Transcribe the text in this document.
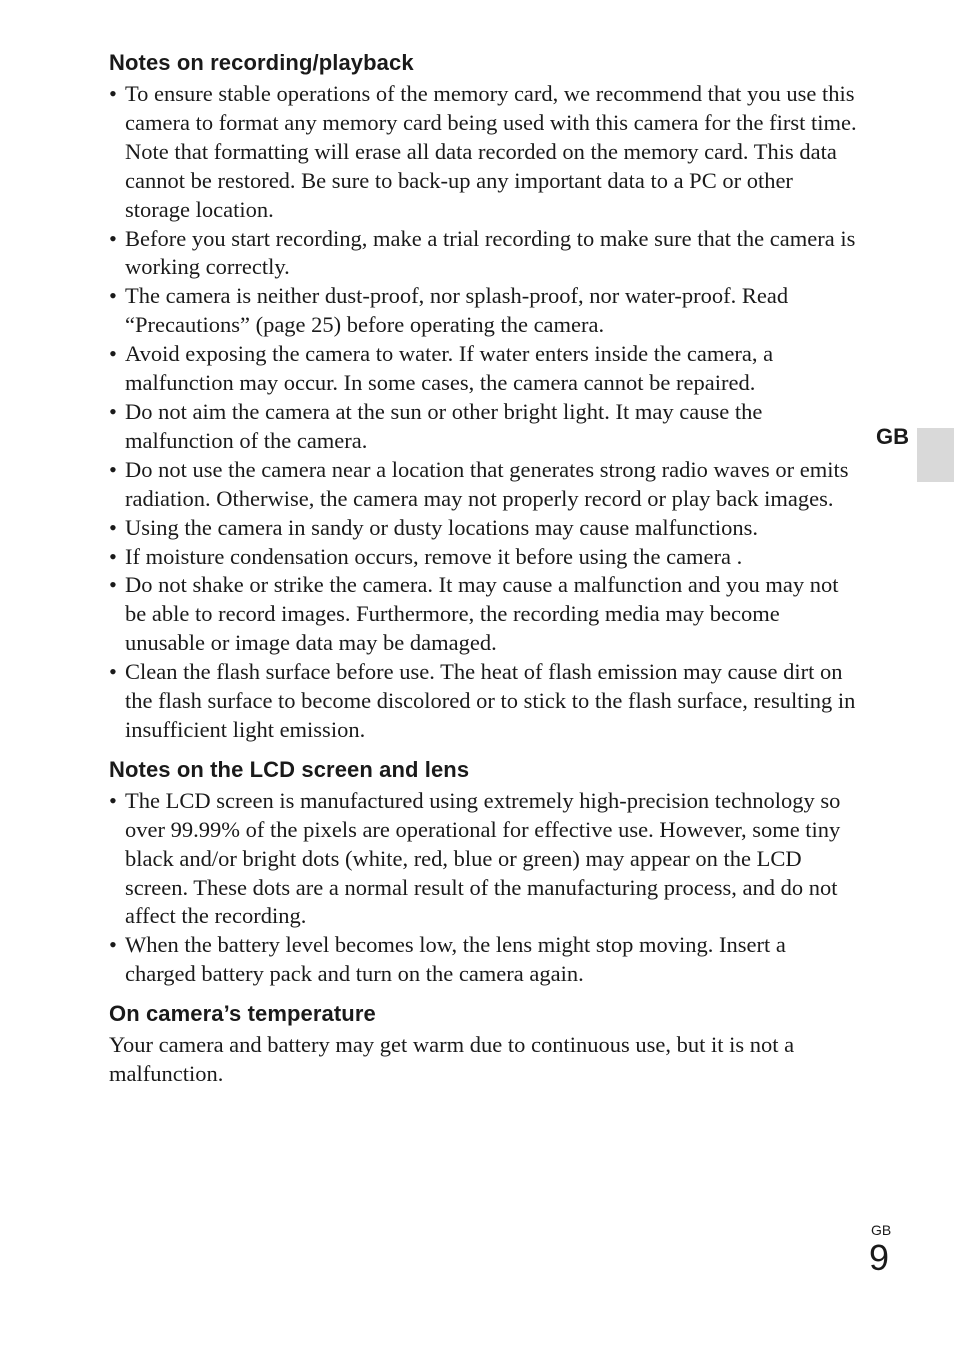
Notes on recording/playback
• To ensure stable operations of the memory card, we recommend that you use this camera to format any memory card being used with this camera for the first time. Note that formatting will erase all data recorded on the memory card. This data cannot be restored. Be sure to back-up any important data to a PC or other storage location.
• Before you start recording, make a trial recording to make sure that the camera is working correctly.
• The camera is neither dust-proof, nor splash-proof, nor water-proof. Read “Precautions” (page 25) before operating the camera.
• Avoid exposing the camera to water. If water enters inside the camera, a malfunction may occur. In some cases, the camera cannot be repaired.
• Do not aim the camera at the sun or other bright light. It may cause the malfunction of the camera.
• Do not use the camera near a location that generates strong radio waves or emits radiation. Otherwise, the camera may not properly record or play back images.
• Using the camera in sandy or dusty locations may cause malfunctions.
• If moisture condensation occurs, remove it before using the camera .
• Do not shake or strike the camera. It may cause a malfunction and you may not be able to record images. Furthermore, the recording media may become unusable or image data may be damaged.
• Clean the flash surface before use. The heat of flash emission may cause dirt on the flash surface to become discolored or to stick to the flash surface, resulting in insufficient light emission.
Notes on the LCD screen and lens
• The LCD screen is manufactured using extremely high-precision technology so over 99.99% of the pixels are operational for effective use. However, some tiny black and/or bright dots (white, red, blue or green) may appear on the LCD screen. These dots are a normal result of the manufacturing process, and do not affect the recording.
• When the battery level becomes low, the lens might stop moving. Insert a charged battery pack and turn on the camera again.
On camera’s temperature

Your camera and battery may get warm due to continuous use, but it is not a malfunction.

GB
GB
9
